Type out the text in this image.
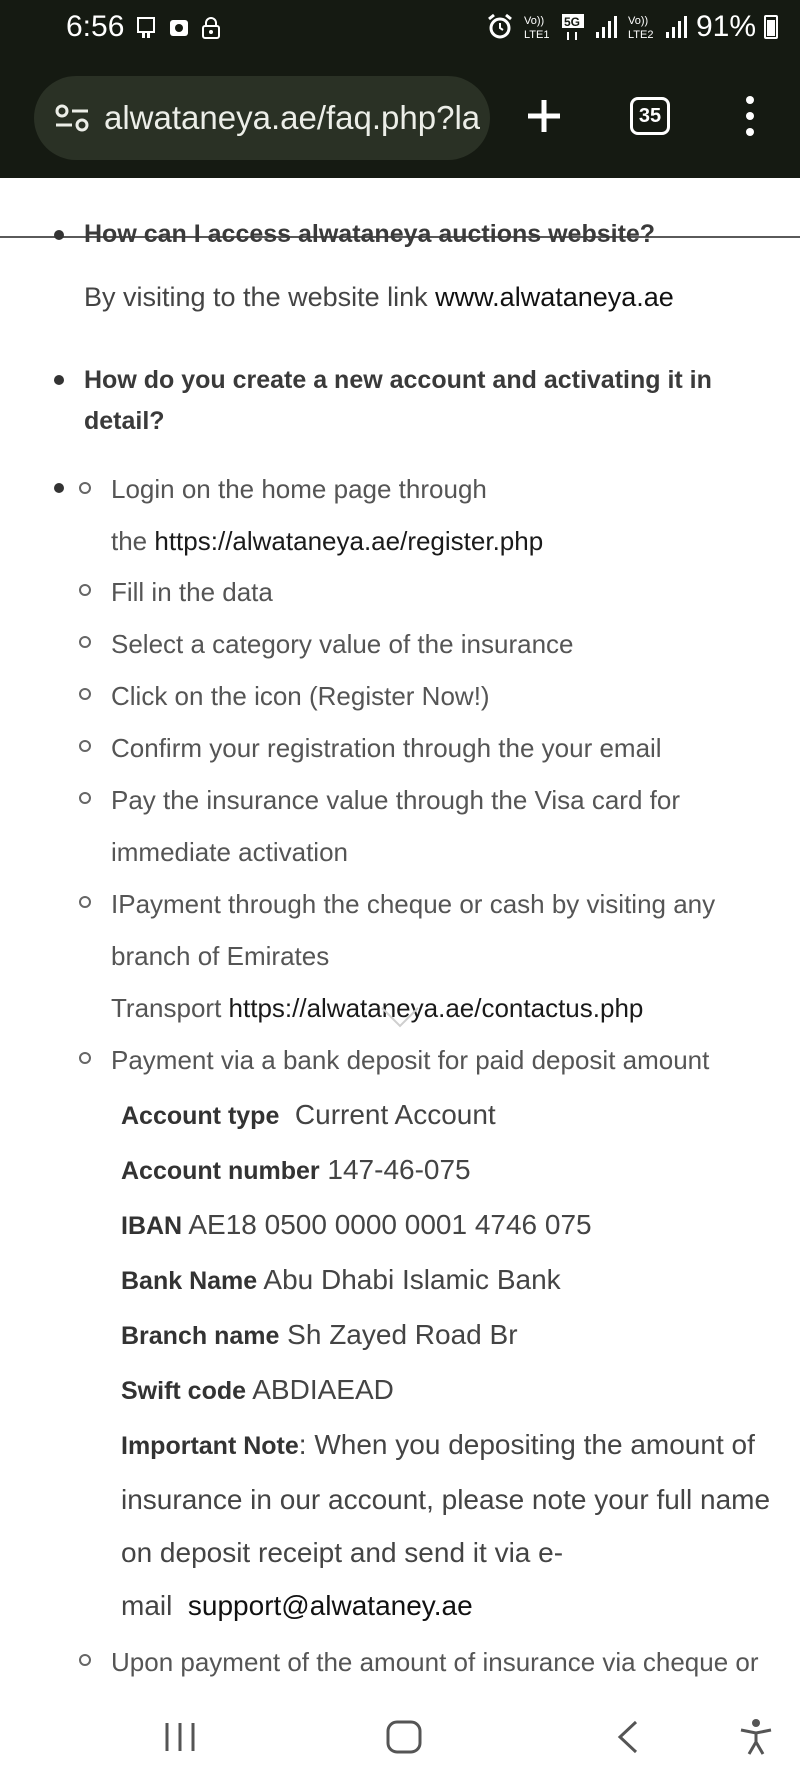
6:56	Vo))
LTE1
5G	Vo))
LTE2 91%
alwataneya.ae/faq.php?la	35
How can I access alwataneya auctions website?
By visiting to the website link www.alwataneya.ae
How do you create a new account and activating it in detail?
Login on the home page through
the https://alwataneya.ae/register.php
Fill in the data
Select a category value of the insurance
Click on the icon (Register Now!)
Confirm your registration through the your email
Pay the insurance value through the Visa card for
immediate activation
IPayment through the cheque or cash by visiting any
branch of Emirates
Transport https://alwataneya.ae/contactus.php
Payment via a bank deposit for paid deposit amount
Account type Current Account
Account number 147-46-075
IBAN AE18 0500 0000 0001 4746 075
Bank Name Abu Dhabi Islamic Bank
Branch name Sh Zayed Road Br
Swift code ABDIAEAD
Important Note: When you depositing the amount of
insurance in our account, please note your full name
on deposit receipt and send it via e-
mail  support@alwataney.ae
Upon payment of the amount of insurance via cheque or
